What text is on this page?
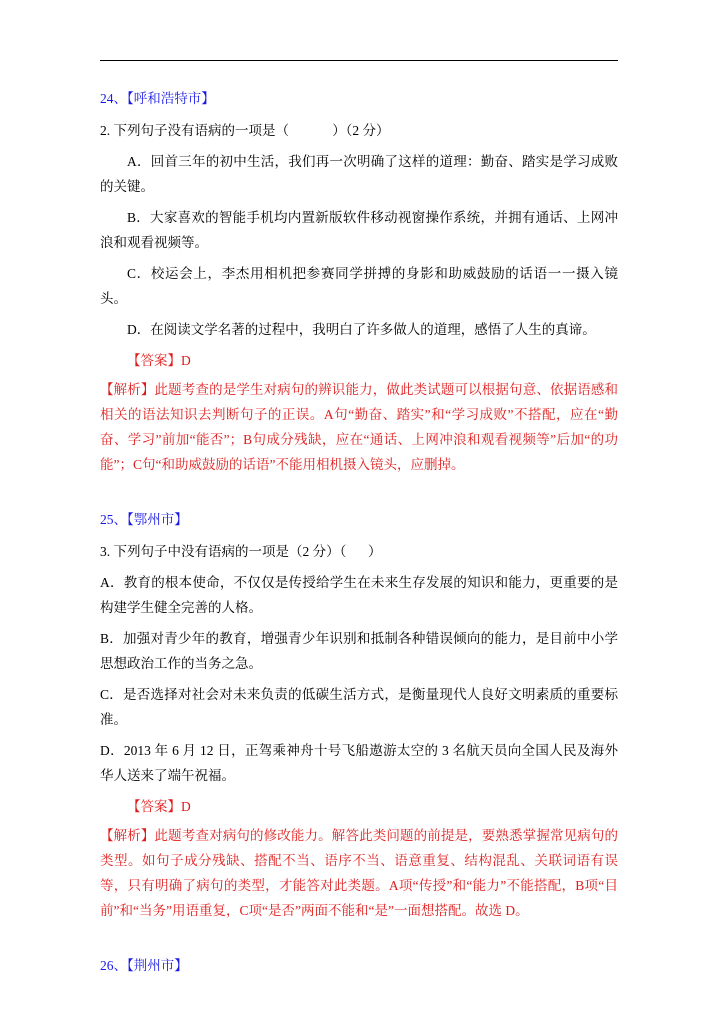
24、【呼和浩特市】

2. 下列句子没有语病的一项是（	）（2 分）

A．回首三年的初中生活，我们再一次明确了这样的道理：勤奋、踏实是学习成败的关键。

B．大家喜欢的智能手机均内置新版软件移动视窗操作系统，并拥有通话、上网冲浪和观看视频等。

C．校运会上，李杰用相机把参赛同学拼搏的身影和助威鼓励的话语一一摄入镜头。

D．在阅读文学名著的过程中，我明白了许多做人的道理，感悟了人生的真谛。

【答案】D

【解析】此题考查的是学生对病句的辨识能力，做此类试题可以根据句意、依据语感和相关的语法知识去判断句子的正误。A句“勤奋、踏实”和“学习成败”不搭配，应在“勤奋、学习”前加“能否”；B句成分残缺，应在“通话、上网冲浪和观看视频等”后加“的功能”；C句“和助威鼓励的话语”不能用相机摄入镜头，应删掉。

25、【鄂州市】

3. 下列句子中没有语病的一项是（2 分）（ ）

A．教育的根本使命，不仅仅是传授给学生在未来生存发展的知识和能力，更重要的是构建学生健全完善的人格。

B．加强对青少年的教育，增强青少年识别和抵制各种错误倾向的能力，是目前中小学思想政治工作的当务之急。

C．是否选择对社会对未来负责的低碳生活方式，是衡量现代人良好文明素质的重要标准。

D．2013 年 6 月 12 日，正驾乘神舟十号飞船遨游太空的 3 名航天员向全国人民及海外华人送来了端午祝福。

【答案】D

【解析】此题考查对病句的修改能力。解答此类问题的前提是，要熟悉掌握常见病句的类型。如句子成分残缺、搭配不当、语序不当、语意重复、结构混乱、关联词语有误等，只有明确了病句的类型，才能答对此类题。A项“传授”和“能力”不能搭配，B项“目前”和“当务”用语重复，C项“是否”两面不能和“是”一面想搭配。故选 D。

26、【荆州市】
